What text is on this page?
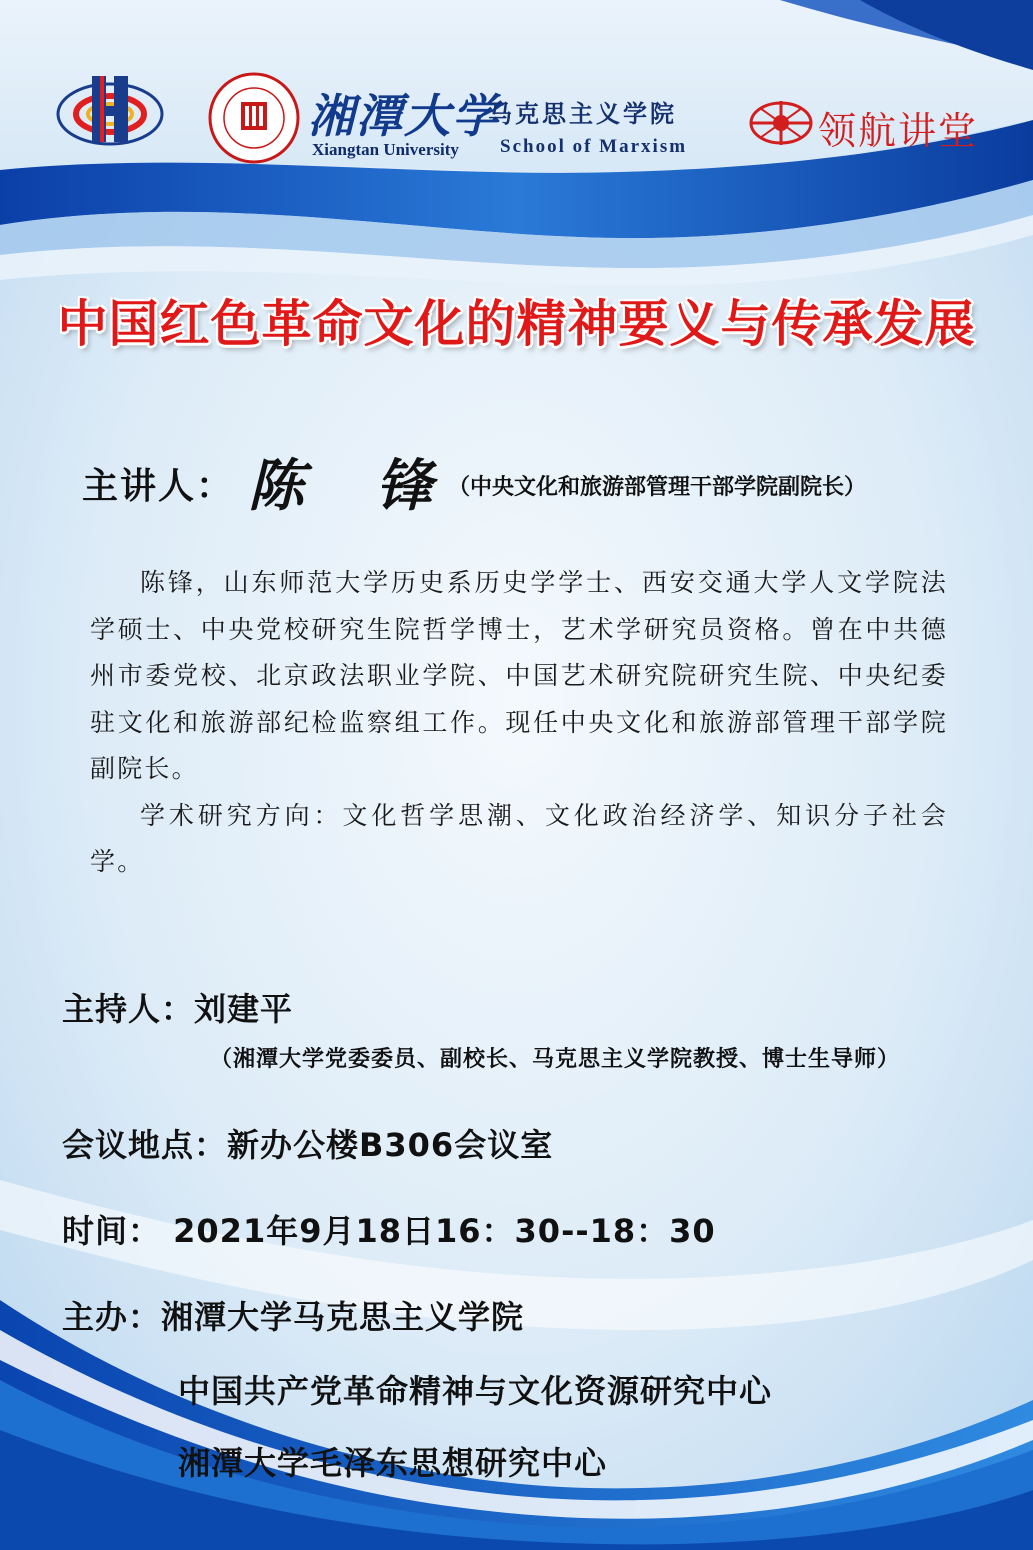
湘潭大学
Xiangtan University
马克思主义学院
School of Marxism	领航讲堂
中国红色革命文化的精神要义与传承发展
主讲人： 陈锋
（中央文化和旅游部管理干部学院副院长）

陈锋，山东师范大学历史系历史学学士、西安交通大学人文学院法学硕士、中央党校研究生院哲学博士，艺术学研究员资格。曾在中共德州市委党校、北京政法职业学院、中国艺术研究院研究生院、中央纪委驻文化和旅游部纪检监察组工作。现任中央文化和旅游部管理干部学院副院长。

学术研究方向：文化哲学思潮、文化政治经济学、知识分子社会学。

主持人：刘建平
（湘潭大学党委委员、副校长、马克思主义学院教授、博士生导师）
会议地点：新办公楼B306会议室
时间： 2021年9月18日16：30--18：30
主办：湘潭大学马克思主义学院
中国共产党革命精神与文化资源研究中心
湘潭大学毛泽东思想研究中心
